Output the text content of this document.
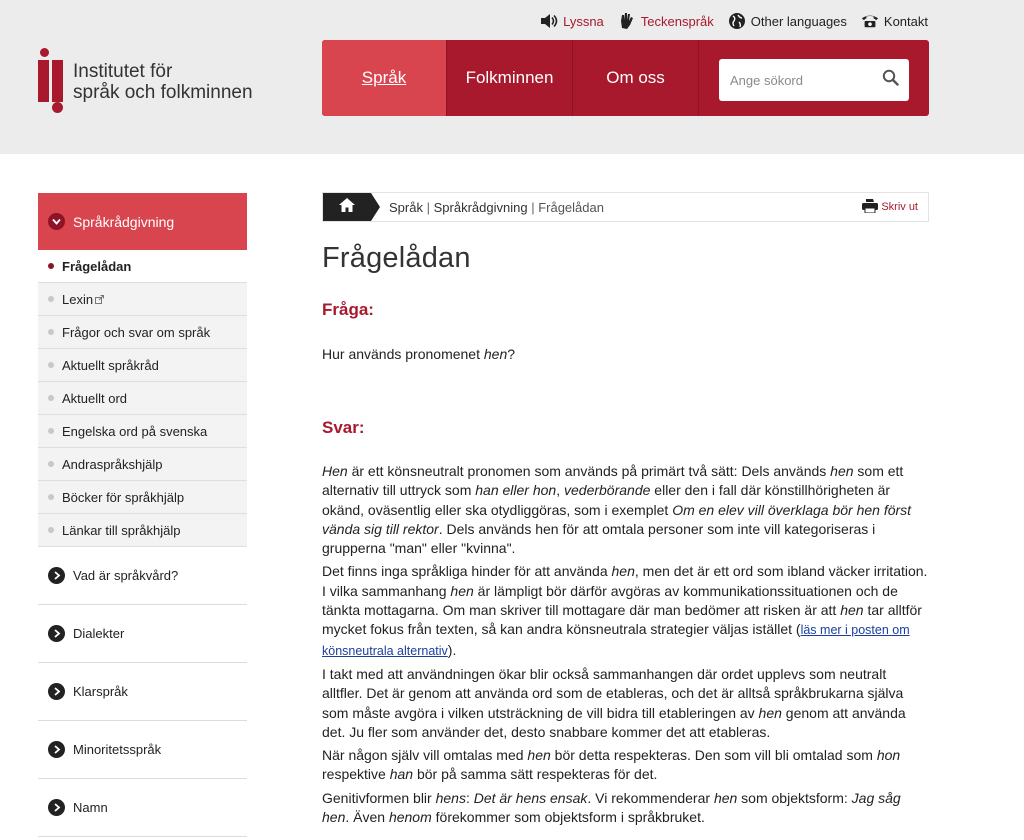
Institutet för
språk och folkminnen
Lyssna	Teckenspråk	Other languages	Kontakt
Språk	Folkminnen	Om oss
Ange sökord
Språkrådgivning
Frågelådan
Lexin
Frågor och svar om språk
Aktuellt språkråd
Aktuellt ord
Engelska ord på svenska
Andraspråkshjälp
Böcker för språkhjälp
Länkar till språkhjälp
Vad är språkvård?
Dialekter
Klarspråk
Minoritetsspråk
Namn
Språk | Språkrådgivning | Frågelådan	Skriv ut
Frågelådan
Fråga:
Hur används pronomenet hen?
Svar:

Hen är ett könsneutralt pronomen som används på primärt två sätt: Dels används hen som ett alternativ till uttryck som han eller hon, vederbörande eller den i fall där könstillhörigheten är okänd, oväsentlig eller ska otydliggöras, som i exemplet Om en elev vill överklaga bör hen först vända sig till rektor. Dels används hen för att omtala personer som inte vill kategoriseras i grupperna "man" eller "kvinna".

Det finns inga språkliga hinder för att använda hen, men det är ett ord som ibland väcker irritation. I vilka sammanhang hen är lämpligt bör därför avgöras av kommunikationssituationen och de tänkta mottagarna. Om man skriver till mottagare där man bedömer att risken är att hen tar alltför mycket fokus från texten, så kan andra könsneutrala strategier väljas istället (läs mer i posten om könsneutrala alternativ).

I takt med att användningen ökar blir också sammanhangen där ordet upplevs som neutralt alltfler. Det är genom att använda ord som de etableras, och det är alltså språkbrukarna själva som måste avgöra i vilken utsträckning de vill bidra till etableringen av hen genom att använda det. Ju fler som använder det, desto snabbare kommer det att etableras.

När någon själv vill omtalas med hen bör detta respekteras. Den som vill bli omtalad som hon respektive han bör på samma sätt respekteras för det.

Genitivformen blir hens: Det är hens ensak. Vi rekommenderar hen som objektsform: Jag såg hen. Även henom förekommer som objektsform i språkbruket.
